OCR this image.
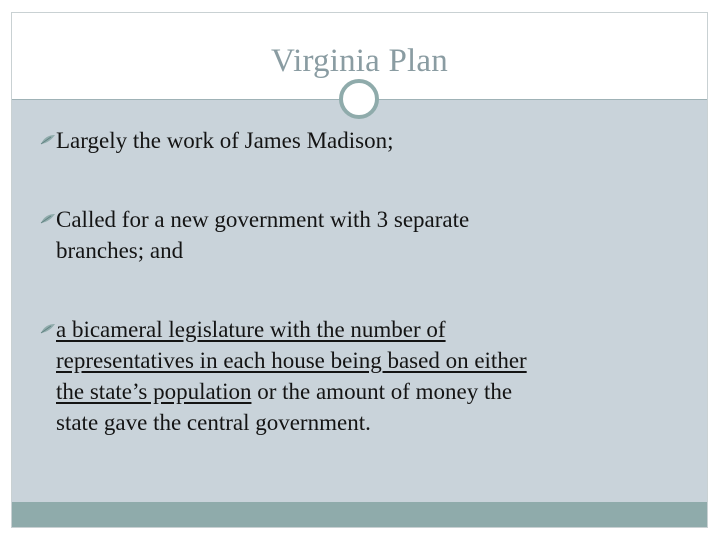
Virginia Plan
Largely the work of James Madison;
Called for a new government with 3 separate
branches; and
a bicameral legislature with the number of
representatives in each house being based on either
the state’s population or the amount of money the
state gave the central government.
